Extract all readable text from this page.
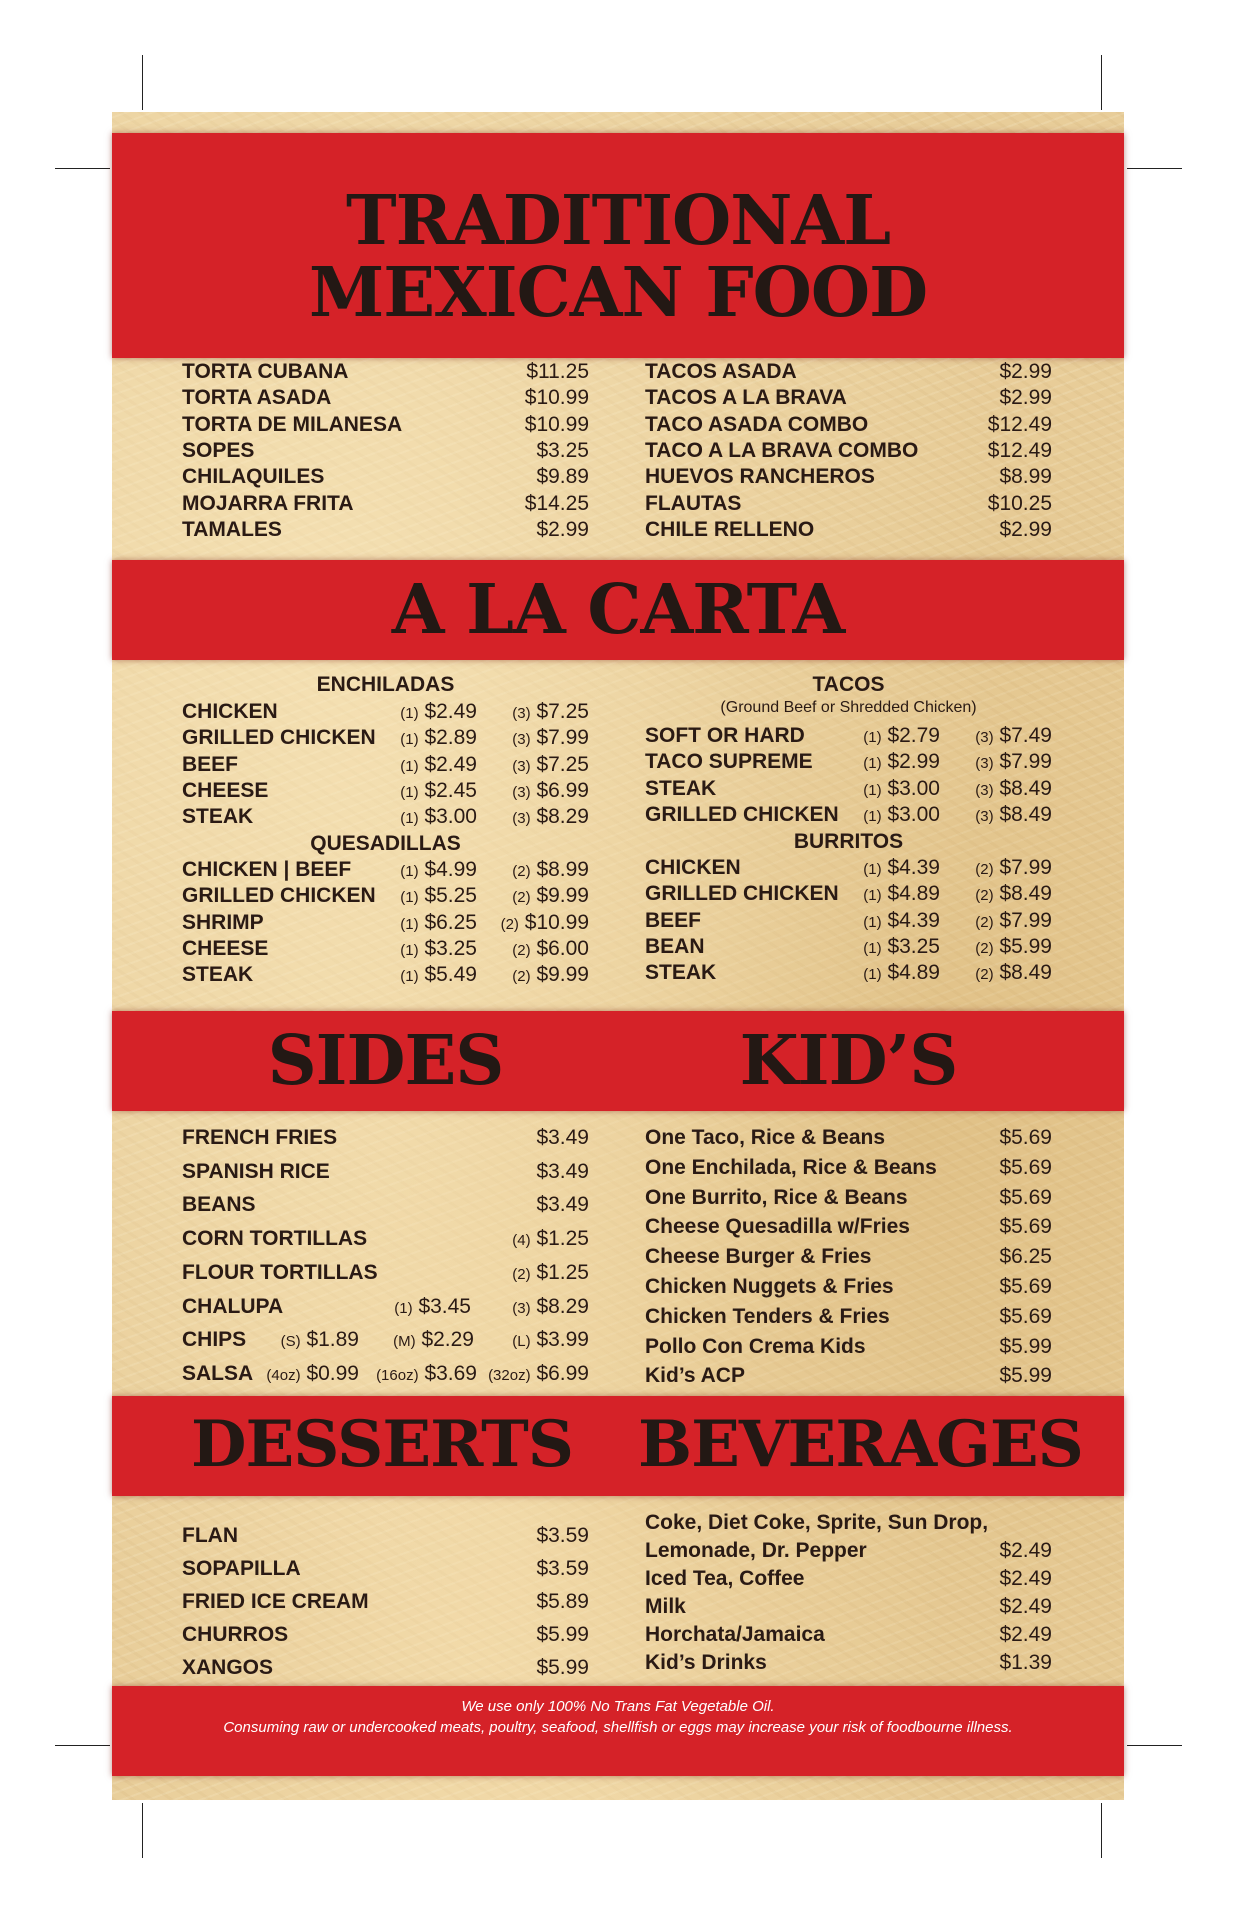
TRADITIONAL
MEXICAN FOOD
TORTA CUBANA	$11.25
TORTA ASADA	$10.99
TORTA DE MILANESA	$10.99
SOPES	$3.25
CHILAQUILES	$9.89
MOJARRA FRITA	$14.25
TAMALES	$2.99
TACOS ASADA	$2.99
TACOS A LA BRAVA	$2.99
TACO ASADA COMBO	$12.49
TACO A LA BRAVA COMBO	$12.49
HUEVOS RANCHEROS	$8.99
FLAUTAS	$10.25
CHILE RELLENO	$2.99
A LA CARTA
ENCHILADAS
CHICKEN	(1) $2.49 (3) $7.25
GRILLED CHICKEN (1) $2.89 (3) $7.99
BEEF	(1) $2.49 (3) $7.25
CHEESE	(1) $2.45 (3) $6.99
STEAK	(1) $3.00 (3) $8.29
QUESADILLAS
CHICKEN | BEEF	(1) $4.99 (2) $8.99
GRILLED CHICKEN (1) $5.25 (2) $9.99
SHRIMP	(1) $6.25 (2) $10.99
CHEESE	(1) $3.25 (2) $6.00
STEAK	(1) $5.49 (2) $9.99
TACOS
(Ground Beef or Shredded Chicken)
SOFT OR HARD	(1) $2.79 (3) $7.49
TACO SUPREME	(1) $2.99 (3) $7.99
STEAK	(1) $3.00 (3) $8.49
GRILLED CHICKEN (1) $3.00 (3) $8.49
BURRITOS
CHICKEN	(1) $4.39 (2) $7.99
GRILLED CHICKEN (1) $4.89 (2) $8.49
BEEF	(1) $4.39 (2) $7.99
BEAN	(1) $3.25 (2) $5.99
STEAK	(1) $4.89 (2) $8.49
SIDES	KID’S
FRENCH FRIES	$3.49
SPANISH RICE	$3.49
BEANS	$3.49
CORN TORTILLAS	(4) $1.25
FLOUR TORTILLAS	(2) $1.25
CHALUPA	(1) $3.45	(3) $8.29
CHIPS (S) $1.89 (M) $2.29	(L) $3.99
SALSA (4oz) $0.99 (16oz) $3.69 (32oz) $6.99
One Taco, Rice & Beans	$5.69
One Enchilada, Rice & Beans	$5.69
One Burrito, Rice & Beans	$5.69
Cheese Quesadilla w/Fries	$5.69
Cheese Burger & Fries	$6.25
Chicken Nuggets & Fries	$5.69
Chicken Tenders & Fries	$5.69
Pollo Con Crema Kids	$5.99
Kid’s ACP	$5.99
DESSERTS BEVERAGES
FLAN	$3.59
SOPAPILLA	$3.59
FRIED ICE CREAM	$5.89
CHURROS	$5.99
XANGOS	$5.99
Coke, Diet Coke, Sprite, Sun Drop,
Lemonade, Dr. Pepper	$2.49
Iced Tea, Coffee	$2.49
Milk	$2.49
Horchata/Jamaica	$2.49
Kid’s Drinks	$1.39
We use only 100% No Trans Fat Vegetable Oil.
Consuming raw or undercooked meats, poultry, seafood, shellfish or eggs may increase your risk of foodbourne illness.
